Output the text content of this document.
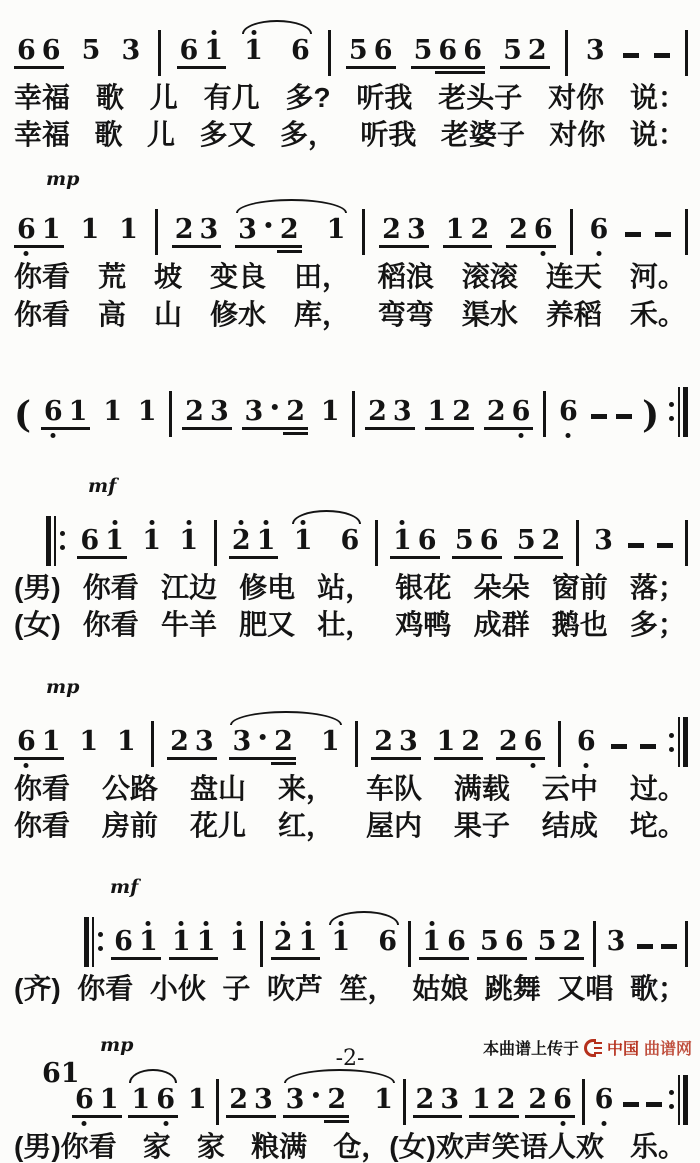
6 6 5 3 6 1 1 6 5 6 5 6 6 5 2 3
幸福 歌 儿 有几 多? 听我 老头子 对你 说：
幸福 歌 儿 多又 多， 听我 老婆子 对你 说：
mp
6 1 1 1 2 3 3 • 2 1 2 3 1 2 2 6 6
你看 荒 坡 变良 田， 稻浪 滚滚 连天 河。
你看 高 山 修水 库， 弯弯 渠水 养稻 禾。
( 6 1 1 1 2 3 3 • 2 1 2 3 1 2 2 6 6 )
mf
6 1 1 1 2 1 1 6 1 6 5 6 5 2 3
(男) 你看 江边 修电 站， 银花 朵朵 窗前 落；
(女) 你看 牛羊 肥又 壮， 鸡鸭 成群 鹅也 多；
mp
6 1 1 1 2 3 3 • 2 1 2 3 1 2 2 6 6
你看 公路 盘山 来， 车队 满载 云中 过。
你看 房前 花儿 红， 屋内 果子 结成 坨。
mf
6 1 1 1 1 2 1 1 6 1 6 5 6 5 2 3
(齐) 你看 小伙 子 吹芦 笙， 姑娘 跳舞 又唱 歌；
mp
6 1 1 6 1 2 3 3 • 2 1 2 3 1 2 2 6 6
(男)你看 家 家 粮满 仓，(女)欢声笑语人欢 乐。
61	-2-	本曲谱上传于 中国 曲谱网
